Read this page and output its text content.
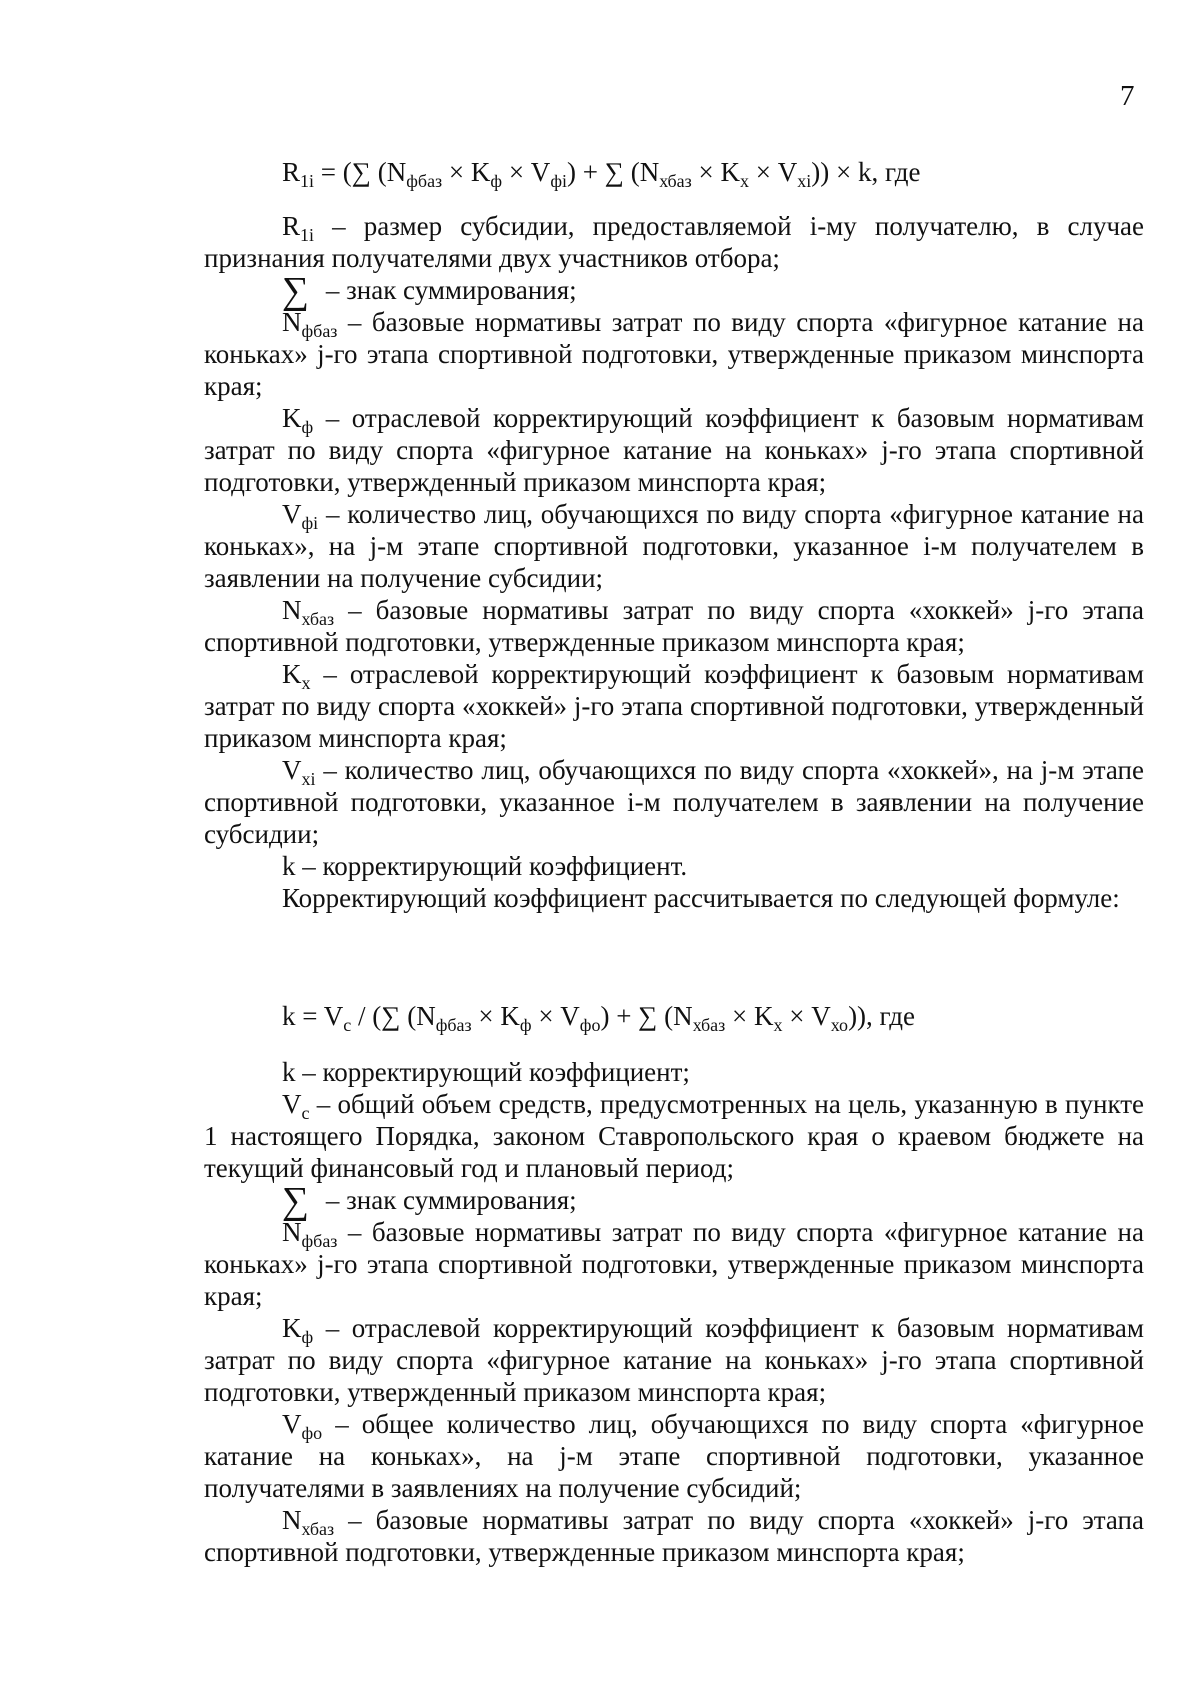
7
$R_{1i}$ = (∑ $(N_{фбаз} \times K_ф \times V_{фi})$ + ∑ $(N_{хбаз} \times K_х \times V_{хi})) \times k$, где

$R_{1i}$ – размер субсидии, предоставляемой i-му получателю, в случае признания получателями двух участников отбора;

∑ – знак суммирования;

$N_{фбаз}$ – базовые нормативы затрат по виду спорта «фигурное катание на коньках» j-го этапа спортивной подготовки, утвержденные приказом минспорта края;

$K_ф$ – отраслевой корректирующий коэффициент к базовым нормативам затрат по виду спорта «фигурное катание на коньках» j-го этапа спортивной подготовки, утвержденный приказом минспорта края;

$V_{фi}$ – количество лиц, обучающихся по виду спорта «фигурное катание на коньках», на j-м этапе спортивной подготовки, указанное i-м получателем в заявлении на получение субсидии;

$N_{хбаз}$ – базовые нормативы затрат по виду спорта «хоккей» j-го этапа спортивной подготовки, утвержденные приказом минспорта края;

$K_х$ – отраслевой корректирующий коэффициент к базовым нормативам затрат по виду спорта «хоккей» j-го этапа спортивной подготовки, утвержденный приказом минспорта края;

$V_{хi}$ – количество лиц, обучающихся по виду спорта «хоккей», на j-м этапе спортивной подготовки, указанное i-м получателем в заявлении на получение субсидии;

k – корректирующий коэффициент.

Корректирующий коэффициент рассчитывается по следующей формуле:

$k = V_с$ / (∑ $(N_{фбаз} \times K_ф \times V_{фо})$ + ∑ $(N_{хбаз} \times K_х \times V_{хо})$), где

k – корректирующий коэффициент;

$V_с$ – общий объем средств, предусмотренных на цель, указанную в пункте 1 настоящего Порядка, законом Ставропольского края о краевом бюджете на текущий финансовый год и плановый период;

∑ – знак суммирования;

$N_{фбаз}$ – базовые нормативы затрат по виду спорта «фигурное катание на коньках» j-го этапа спортивной подготовки, утвержденные приказом минспорта края;

$K_ф$ – отраслевой корректирующий коэффициент к базовым нормативам затрат по виду спорта «фигурное катание на коньках» j-го этапа спортивной подготовки, утвержденный приказом минспорта края;

$V_{фо}$ – общее количество лиц, обучающихся по виду спорта «фигурное катание на коньках», на j-м этапе спортивной подготовки, указанное получателями в заявлениях на получение субсидий;

$N_{хбаз}$ – базовые нормативы затрат по виду спорта «хоккей» j-го этапа спортивной подготовки, утвержденные приказом минспорта края;
